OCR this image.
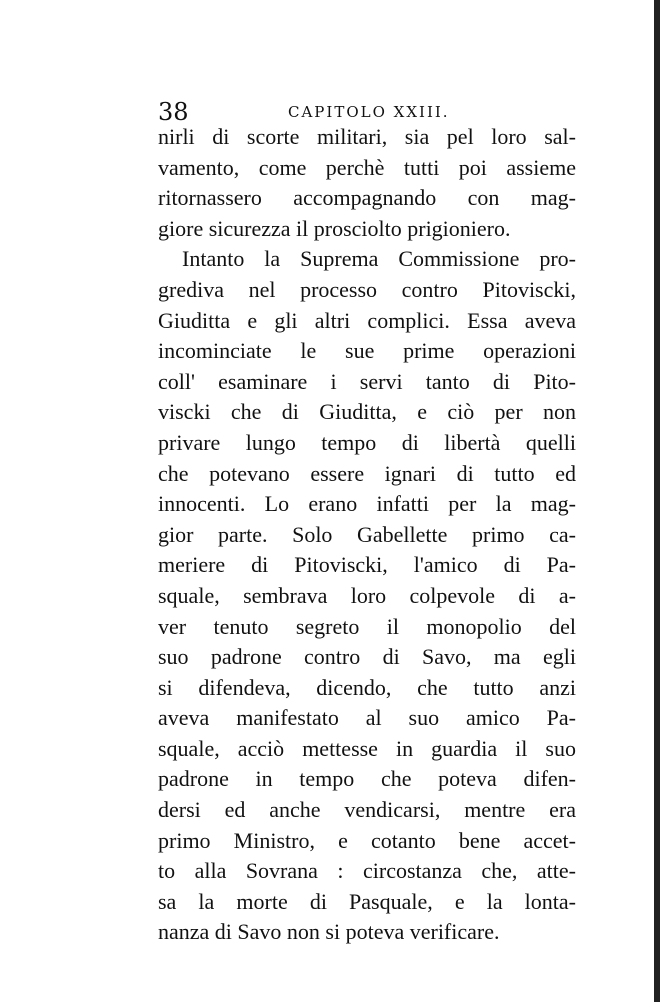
38	CAPITOLO XXIII.
nirli di scorte militari, sia pel loro sal-
vamento, come perchè tutti poi assieme
ritornassero accompagnando con mag-
giore sicurezza il prosciolto prigioniero.
Intanto la Suprema Commissione pro-
grediva nel processo contro Pitoviscki,
Giuditta e gli altri complici. Essa aveva
incominciate le sue prime operazioni
coll' esaminare i servi tanto di Pito-
viscki che di Giuditta, e ciò per non
privare lungo tempo di libertà quelli
che potevano essere ignari di tutto ed
innocenti. Lo erano infatti per la mag-
gior parte. Solo Gabellette primo ca-
meriere di Pitoviscki, l'amico di Pa-
squale, sembrava loro colpevole di a-
ver tenuto segreto il monopolio del
suo padrone contro di Savo, ma egli
si difendeva, dicendo, che tutto anzi
aveva manifestato al suo amico Pa-
squale, acciò mettesse in guardia il suo
padrone in tempo che poteva difen-
dersi ed anche vendicarsi, mentre era
primo Ministro, e cotanto bene accet-
to alla Sovrana : circostanza che, atte-
sa la morte di Pasquale, e la lonta-
nanza di Savo non si poteva verificare.
